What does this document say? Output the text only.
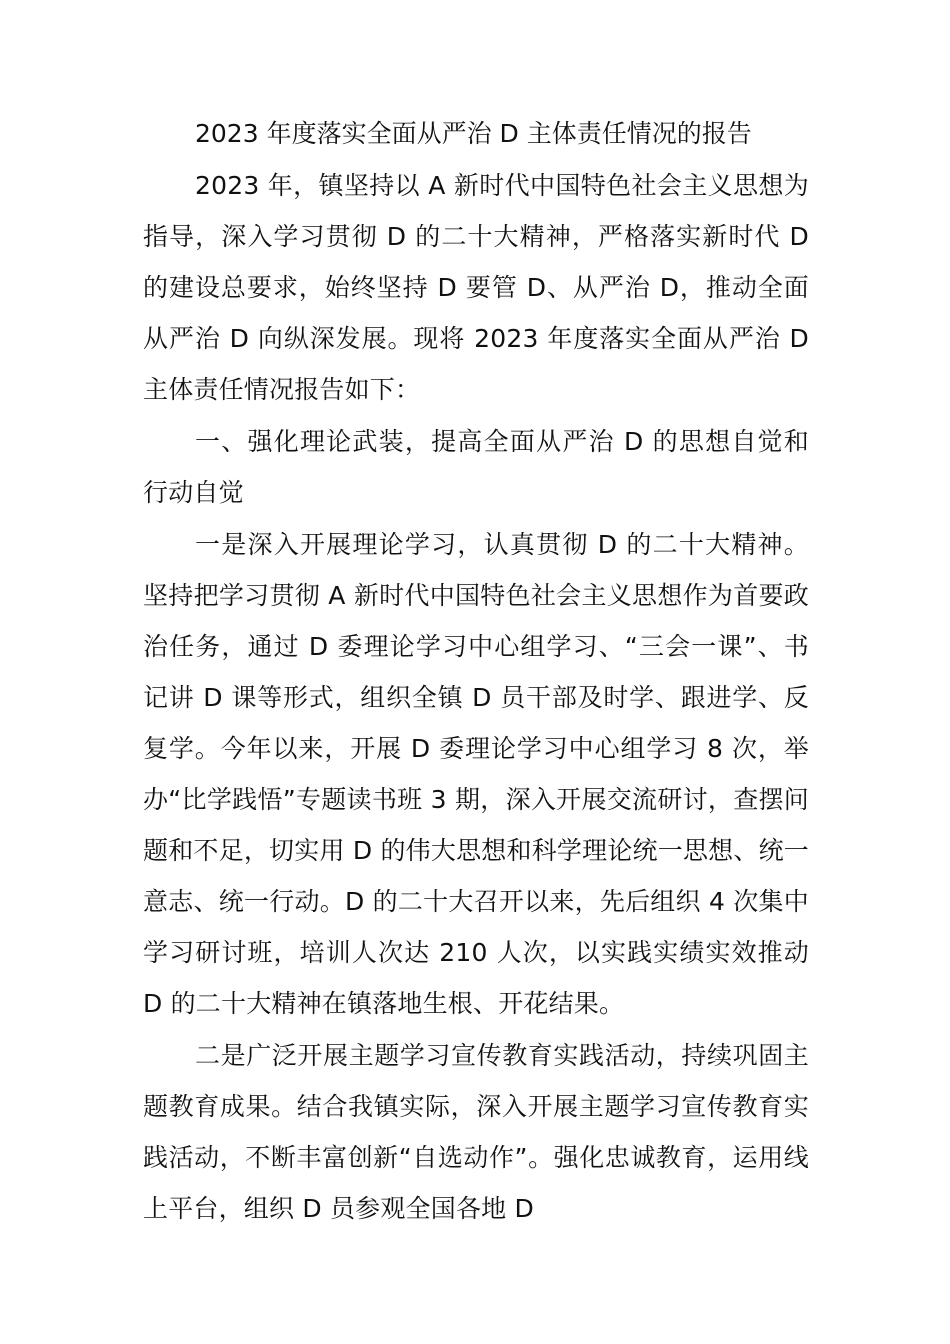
2023 年度落实全面从严治 D 主体责任情况的报告

2023 年，镇坚持以 A 新时代中国特色社会主义思想为指导，深入学习贯彻 D 的二十大精神，严格落实新时代 D 的建设总要求，始终坚持 D 要管 D、从严治 D，推动全面从严治 D 向纵深发展。现将 2023 年度落实全面从严治 D 主体责任情况报告如下：

一、强化理论武装，提高全面从严治 D 的思想自觉和行动自觉

一是深入开展理论学习，认真贯彻 D 的二十大精神。坚持把学习贯彻 A 新时代中国特色社会主义思想作为首要政治任务，通过 D 委理论学习中心组学习、“三会一课”、书记讲 D 课等形式，组织全镇 D 员干部及时学、跟进学、反复学。今年以来，开展 D 委理论学习中心组学习 8 次，举办“比学践悟”专题读书班 3 期，深入开展交流研讨，查摆问题和不足，切实用 D 的伟大思想和科学理论统一思想、统一意志、统一行动。D 的二十大召开以来，先后组织 4 次集中学习研讨班，培训人次达 210 人次，以实践实绩实效推动 D 的二十大精神在镇落地生根、开花结果。

二是广泛开展主题学习宣传教育实践活动，持续巩固主题教育成果。结合我镇实际，深入开展主题学习宣传教育实践活动，不断丰富创新“自选动作”。强化忠诚教育，运用线上平台，组织 D 员参观全国各地 D
